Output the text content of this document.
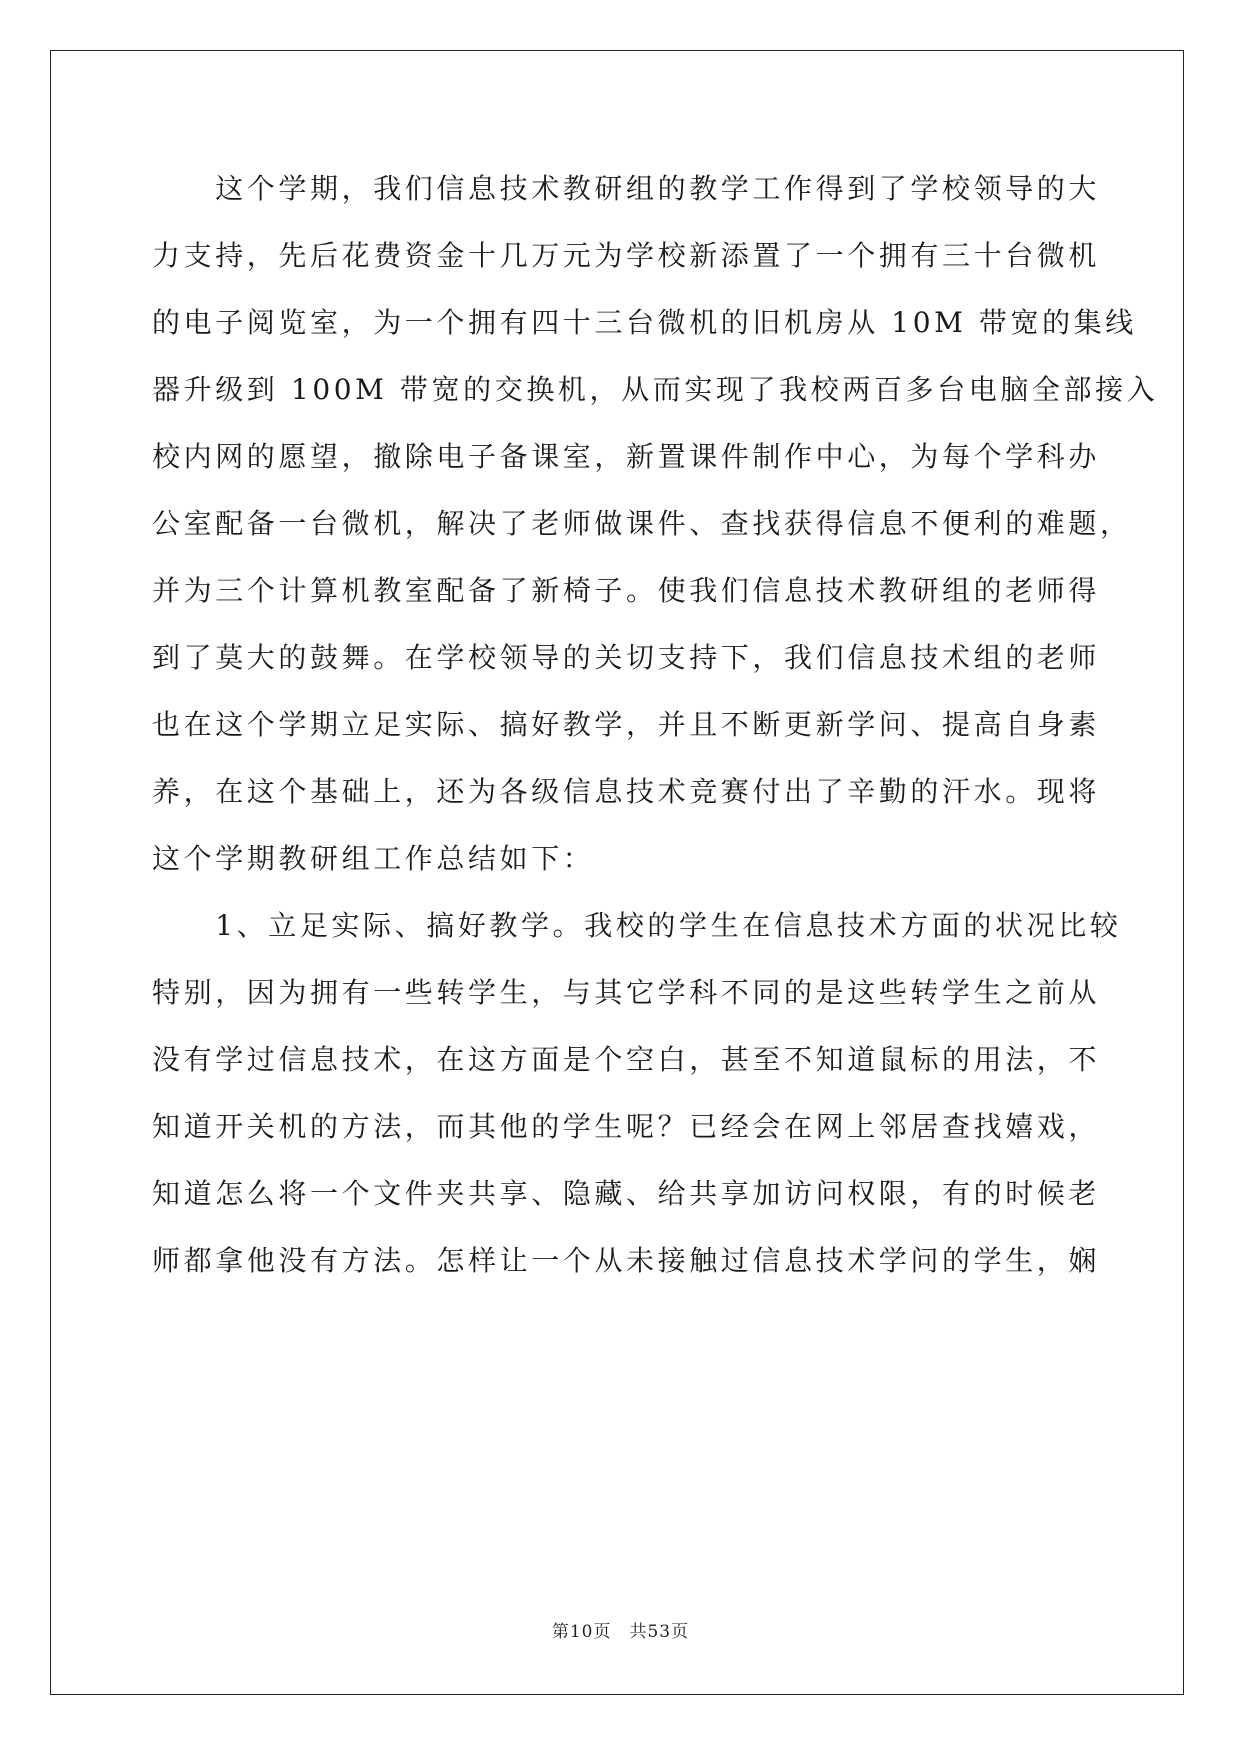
　　这个学期，我们信息技术教研组的教学工作得到了学校领导的大
力支持，先后花费资金十几万元为学校新添置了一个拥有三十台微机
的电子阅览室，为一个拥有四十三台微机的旧机房从 10M 带宽的集线
器升级到 100M 带宽的交换机，从而实现了我校两百多台电脑全部接入
校内网的愿望，撤除电子备课室，新置课件制作中心，为每个学科办
公室配备一台微机，解决了老师做课件、查找获得信息不便利的难题，
并为三个计算机教室配备了新椅子。使我们信息技术教研组的老师得
到了莫大的鼓舞。在学校领导的关切支持下，我们信息技术组的老师
也在这个学期立足实际、搞好教学，并且不断更新学问、提高自身素
养，在这个基础上，还为各级信息技术竞赛付出了辛勤的汗水。现将
这个学期教研组工作总结如下：
　　1、立足实际、搞好教学。我校的学生在信息技术方面的状况比较
特别，因为拥有一些转学生，与其它学科不同的是这些转学生之前从
没有学过信息技术，在这方面是个空白，甚至不知道鼠标的用法，不
知道开关机的方法，而其他的学生呢？已经会在网上邻居查找嬉戏，
知道怎么将一个文件夹共享、隐藏、给共享加访问权限，有的时候老
师都拿他没有方法。怎样让一个从未接触过信息技术学问的学生，娴
第10页　共53页
